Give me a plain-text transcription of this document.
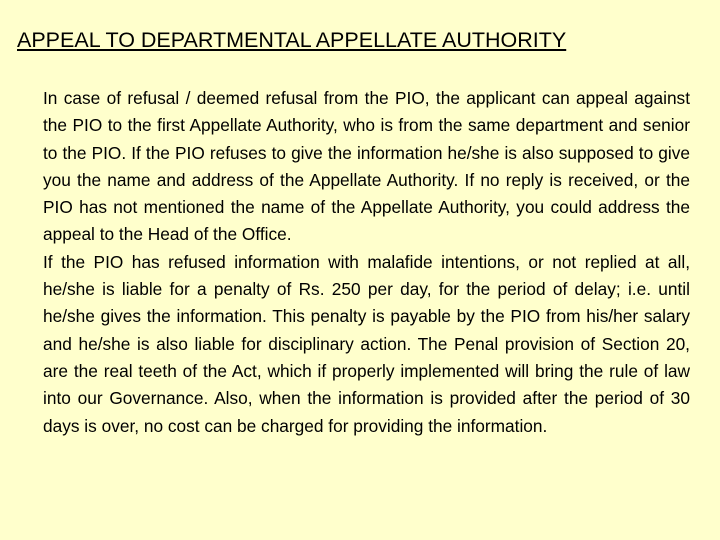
APPEAL TO DEPARTMENTAL APPELLATE AUTHORITY

In case of refusal / deemed refusal from the PIO, the applicant can appeal against the PIO to the first Appellate Authority, who is from the same department and senior to the PIO. If the PIO refuses to give the information he/she is also supposed to give you the name and address of the Appellate Authority. If no reply is received, or the PIO has not mentioned the name of the Appellate Authority, you could address the appeal to the Head of the Office.

If the PIO has refused information with malafide intentions, or not replied at all, he/she is liable for a penalty of Rs. 250 per day, for the period of delay; i.e. until he/she gives the information. This penalty is payable by the PIO from his/her salary and he/she is also liable for disciplinary action. The Penal provision of Section 20, are the real teeth of the Act, which if properly implemented will bring the rule of law into our Governance. Also, when the information is provided after the period of 30 days is over, no cost can be charged for providing the information.
